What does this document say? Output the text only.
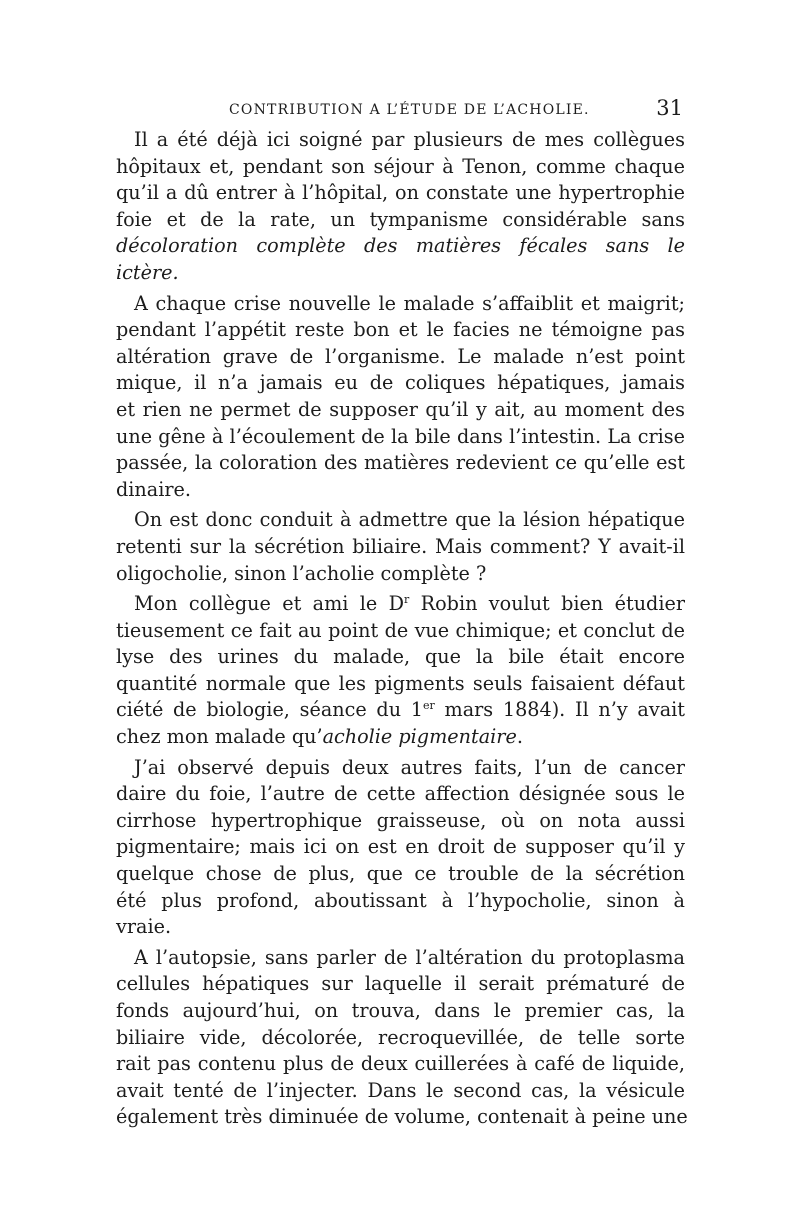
CONTRIBUTION A L’ÉTUDE DE L’ACHOLIE.	31
Il a été déjà ici soigné par plusieurs de mes collègues
hôpitaux et, pendant son séjour à Tenon, comme chaque
qu’il a dû entrer à l’hôpital, on constate une hypertrophie
foie et de la rate, un tympanisme considérable sans
décoloration complète des matières fécales sans le
ictère.
A chaque crise nouvelle le malade s’affaiblit et maigrit;
pendant l’appétit reste bon et le facies ne témoigne pas
altération grave de l’organisme. Le malade n’est point
mique, il n’a jamais eu de coliques hépatiques, jamais
et rien ne permet de supposer qu’il y ait, au moment des
une gêne à l’écoulement de la bile dans l’intestin. La crise
passée, la coloration des matières redevient ce qu’elle est
dinaire.
On est donc conduit à admettre que la lésion hépatique
retenti sur la sécrétion biliaire. Mais comment? Y avait-il
oligocholie, sinon l’acholie complète ?
Mon collègue et ami le $D^r$ Robin voulut bien étudier
tieusement ce fait au point de vue chimique; et conclut de
lyse des urines du malade, que la bile était encore
quantité normale que les pigments seuls faisaient défaut
ciété de biologie, séance du 1er mars 1884). Il n’y avait
chez mon malade qu’acholie pigmentaire.
J’ai observé depuis deux autres faits, l’un de cancer
daire du foie, l’autre de cette affection désignée sous le
cirrhose hypertrophique graisseuse, où on nota aussi
pigmentaire; mais ici on est en droit de supposer qu’il y
quelque chose de plus, que ce trouble de la sécrétion
été plus profond, aboutissant à l’hypocholie, sinon à
vraie.
A l’autopsie, sans parler de l’altération du protoplasma
cellules hépatiques sur laquelle il serait prématuré de
fonds aujourd’hui, on trouva, dans le premier cas, la
biliaire vide, décolorée, recroquevillée, de telle sorte
rait pas contenu plus de deux cuillerées à café de liquide,
avait tenté de l’injecter. Dans le second cas, la vésicule
également très diminuée de volume, contenait à peine une
